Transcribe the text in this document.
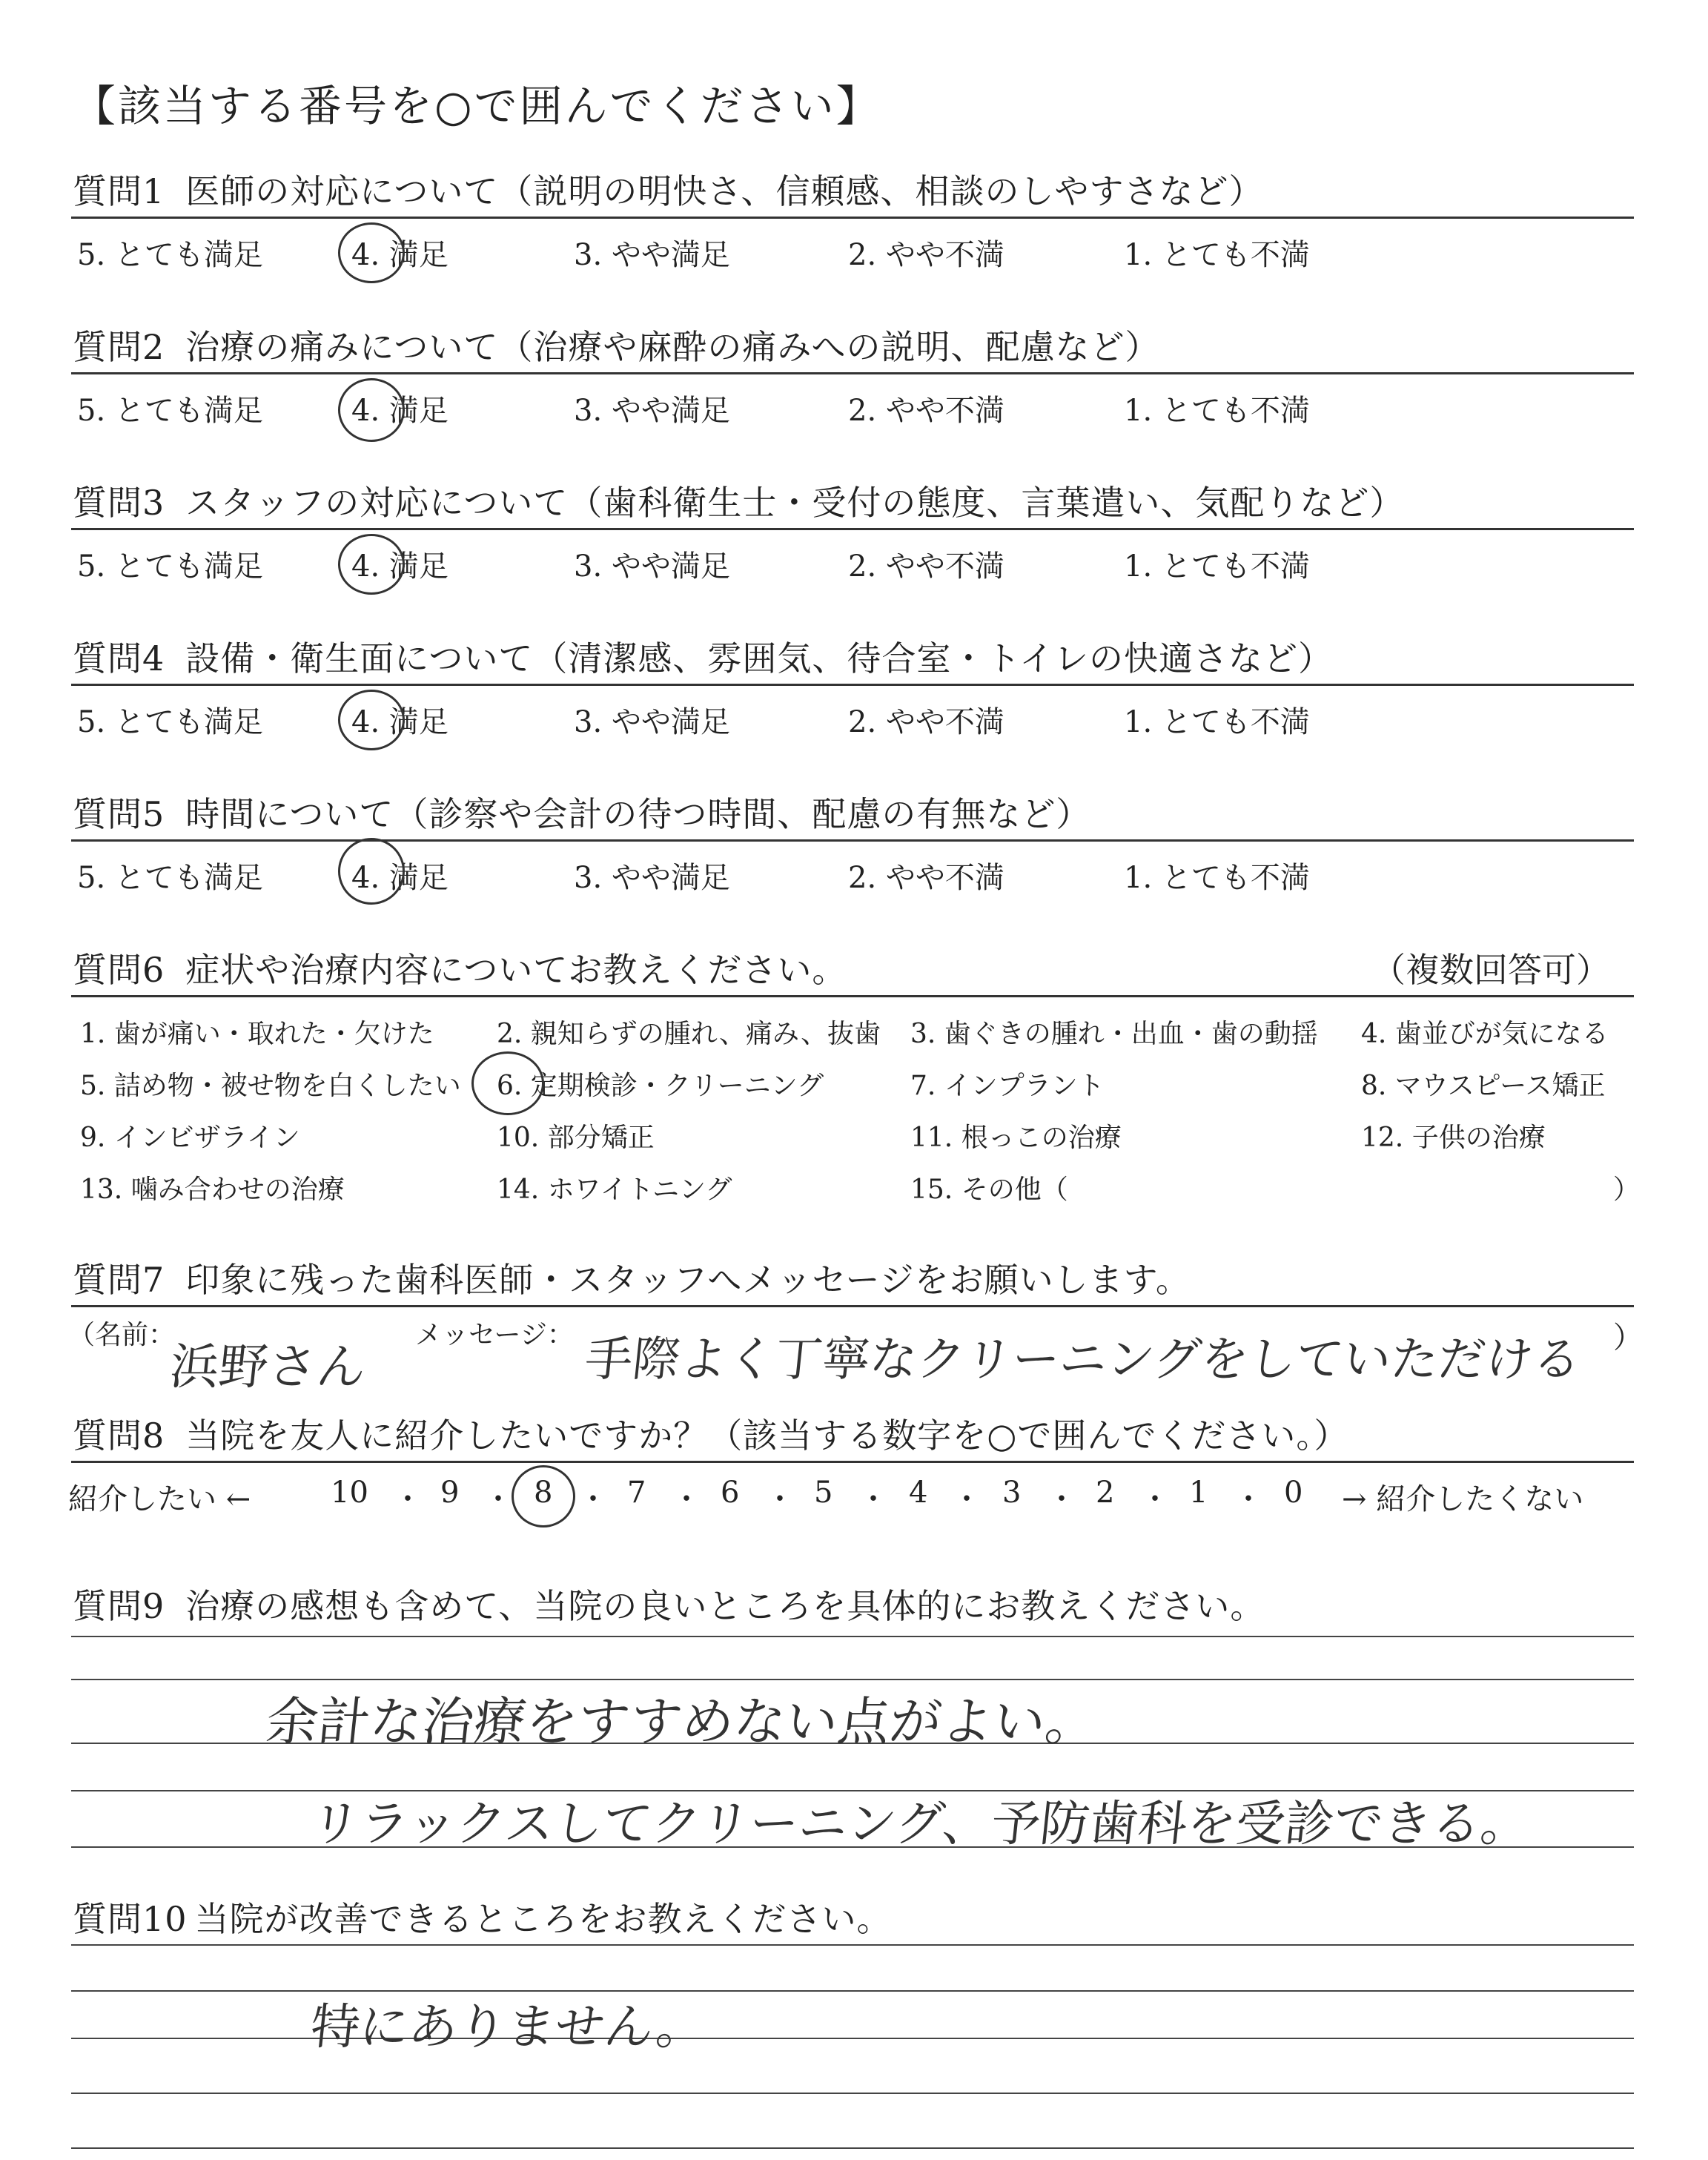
【該当する番号を○で囲んでください】
質問1 医師の対応について（説明の明快さ、信頼感、相談のしやすさなど）
5. とても満足	4. 満足	3. やや満足	2. やや不満	1. とても不満
質問2 治療の痛みについて（治療や麻酔の痛みへの説明、配慮など）
5. とても満足	4. 満足	3. やや満足	2. やや不満	1. とても不満
質問3 スタッフの対応について（歯科衛生士・受付の態度、言葉遣い、気配りなど）
5. とても満足	4. 満足	3. やや満足	2. やや不満	1. とても不満
質問4 設備・衛生面について（清潔感、雰囲気、待合室・トイレの快適さなど）
5. とても満足	4. 満足	3. やや満足	2. やや不満	1. とても不満
質問5 時間について（診察や会計の待つ時間、配慮の有無など）
5. とても満足	4. 満足	3. やや満足	2. やや不満	1. とても不満
質問6 症状や治療内容についてお教えください。	（複数回答可）
1. 歯が痛い・取れた・欠けた 2. 親知らずの腫れ、痛み、抜歯 3. 歯ぐきの腫れ・出血・歯の動揺 4. 歯並びが気になる
5. 詰め物・被せ物を白くしたい 6. 定期検診・クリーニング	7. インプラント	8. マウスピース矯正
9. インビザライン	10. 部分矯正	11. 根っこの治療	12. 子供の治療
13. 噛み合わせの治療	14. ホワイトニング	15. その他（	）
質問7 印象に残った歯科医師・スタッフへメッセージをお願いします。
（名前：
浜野さん
メッセージ： 手際よく丁寧なクリーニングをしていただける ）
質問8 当院を友人に紹介したいですか？（該当する数字を○で囲んでください。）
紹介したい ←	10 ・ 9 ・ 8 ・ 7 ・ 6 ・ 5 ・ 4 ・ 3 ・ 2 ・ 1 ・ 0 → 紹介したくない
質問9 治療の感想も含めて、当院の良いところを具体的にお教えください。
余計な治療をすすめない点がよい。
リラックスしてクリーニング、予防歯科を受診できる。
質問10 当院が改善できるところをお教えください。
特にありません。
